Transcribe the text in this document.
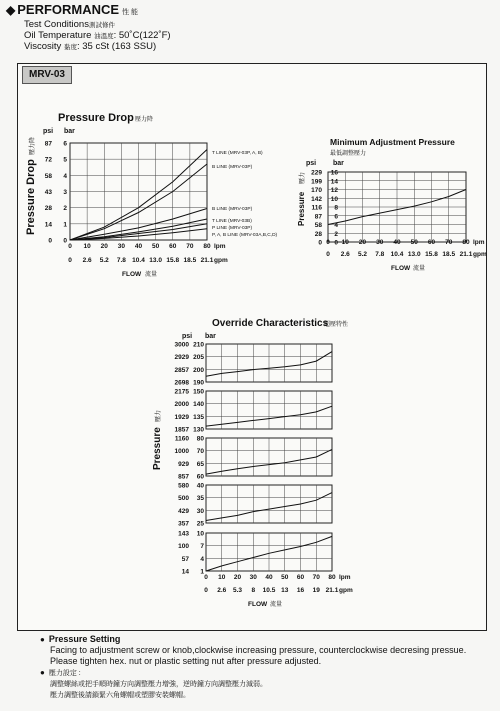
◆ PERFORMANCE 性 能
Test Conditions測試條件
Oil Temperature 油溫度: 50˚C(122˚F)
Viscosity 黏度: 35 cSt (163 SSU)
MRV-03
Pressure Drop 壓力降
psi bar
87
72
58
43
28
14
0
6
5
4
3
2
1
0
Pressure Drop
壓力降
0 10 20 30 40 50 60 70 80
0 2.6 5.2 7.8 10.4 13.0 15.8 18.5 21.1
lpm
gpm
FLOW 流量
T LINE (MRV-03P, A, B)
B LINE (MRV-03P)
B LINE (MRV-03P)
T LINE (MRV-03B)
P LINE (MRV-03P)
P, A, B LINE (MRV-03A,B,C,D)
Minimum Adjustment Pressure
最低調整壓力
psi bar
229
199
170
142
116
87
58
28
0
16
14
12
10
8
6
4
2
0
Pressure
壓力
0 10 20 30 40 50 60 70 80
0 2.6 5.2 7.8 10.4 13.0 15.8 18.5 21.1
lpm
gpm
FLOW 流量
Override Characteristics
超壓特性
psi bar
Pressure
壓力
3000
2929
2857
2698
210
205
200
190
2175
2000
1929
1857
150
140
135
130
1160
1000
929
857
80
70
65
60
580
500
429
357
40
35
30
25
143
100
57
14
10
7
4
1
0 10 20 30 40 50 60 70 80
0 2.6 5.3 8 10.5 13 16 19 21.1
lpm
gpm
FLOW 流量
● Pressure Setting
Facing to adjustment screw or knob,clockwise increasing pressure, counterclockwise decresing pressue.
Please tighten hex. nut or plastic setting nut after pressure adjusted.
● 壓力設定 :
調整螺絲或把手順時鐘方向調整壓力增強，逆時鐘方向調整壓力減弱。
壓力調整後請鎖緊六角螺帽或塑膠安裝螺帽。
